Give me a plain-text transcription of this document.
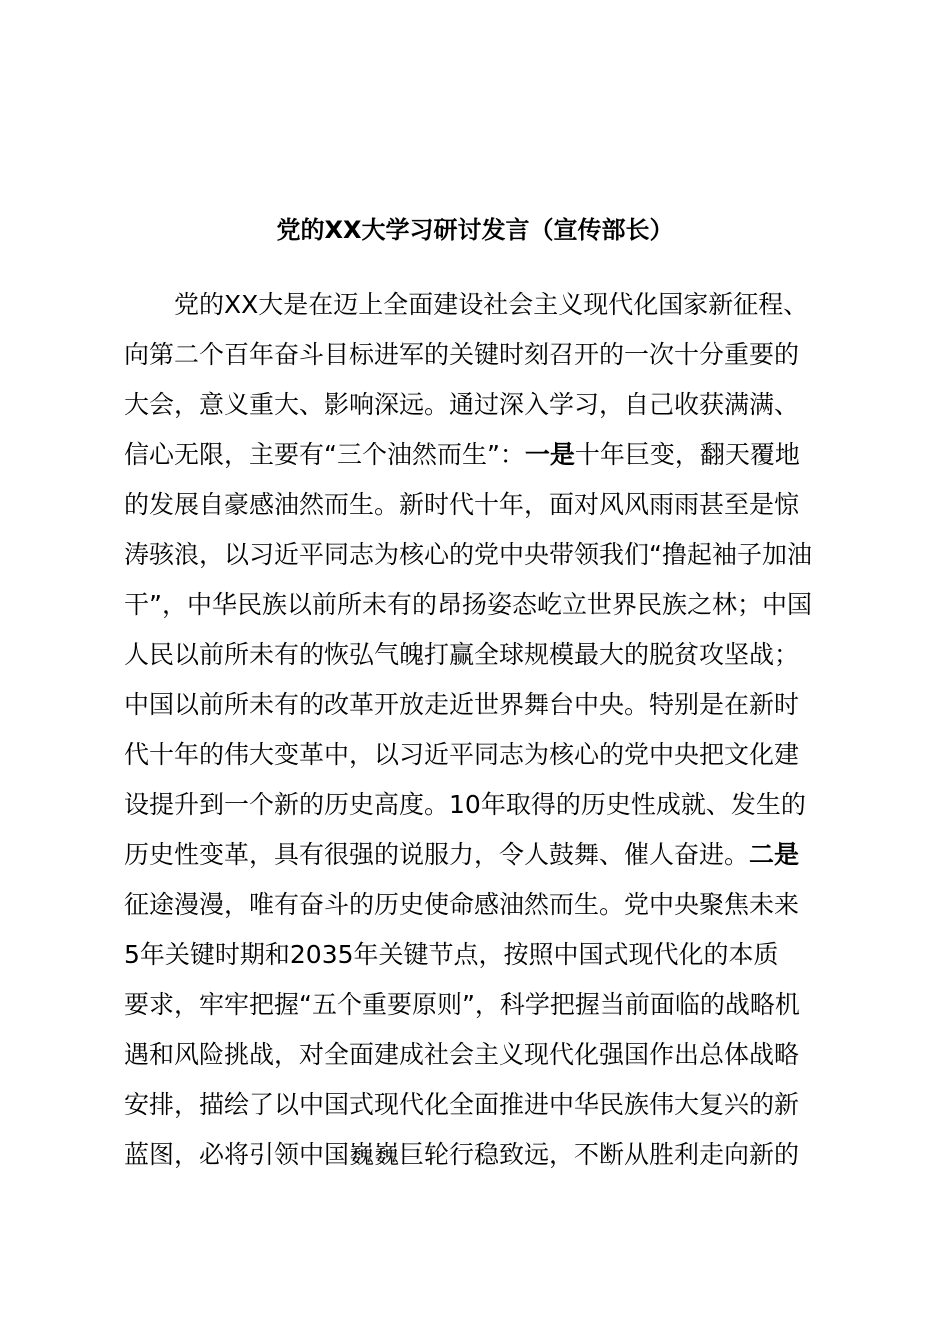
党的XX大学习研讨发言（宣传部长）
党的XX大是在迈上全面建设社会主义现代化国家新征程、
向第二个百年奋斗目标进军的关键时刻召开的一次十分重要的
大会，意义重大、影响深远。通过深入学习，自己收获满满、
信心无限，主要有“三个油然而生”：一是十年巨变，翻天覆地
的发展自豪感油然而生。新时代十年，面对风风雨雨甚至是惊
涛骇浪，以习近平同志为核心的党中央带领我们“撸起袖子加油
干”，中华民族以前所未有的昂扬姿态屹立世界民族之林；中国
人民以前所未有的恢弘气魄打赢全球规模最大的脱贫攻坚战；
中国以前所未有的改革开放走近世界舞台中央。特别是在新时
代十年的伟大变革中，以习近平同志为核心的党中央把文化建
设提升到一个新的历史高度。10年取得的历史性成就、发生的
历史性变革，具有很强的说服力，令人鼓舞、催人奋进。二是
征途漫漫，唯有奋斗的历史使命感油然而生。党中央聚焦未来
5年关键时期和2035年关键节点，按照中国式现代化的本质
要求，牢牢把握“五个重要原则”，科学把握当前面临的战略机
遇和风险挑战，对全面建成社会主义现代化强国作出总体战略
安排，描绘了以中国式现代化全面推进中华民族伟大复兴的新
蓝图，必将引领中国巍巍巨轮行稳致远，不断从胜利走向新的
